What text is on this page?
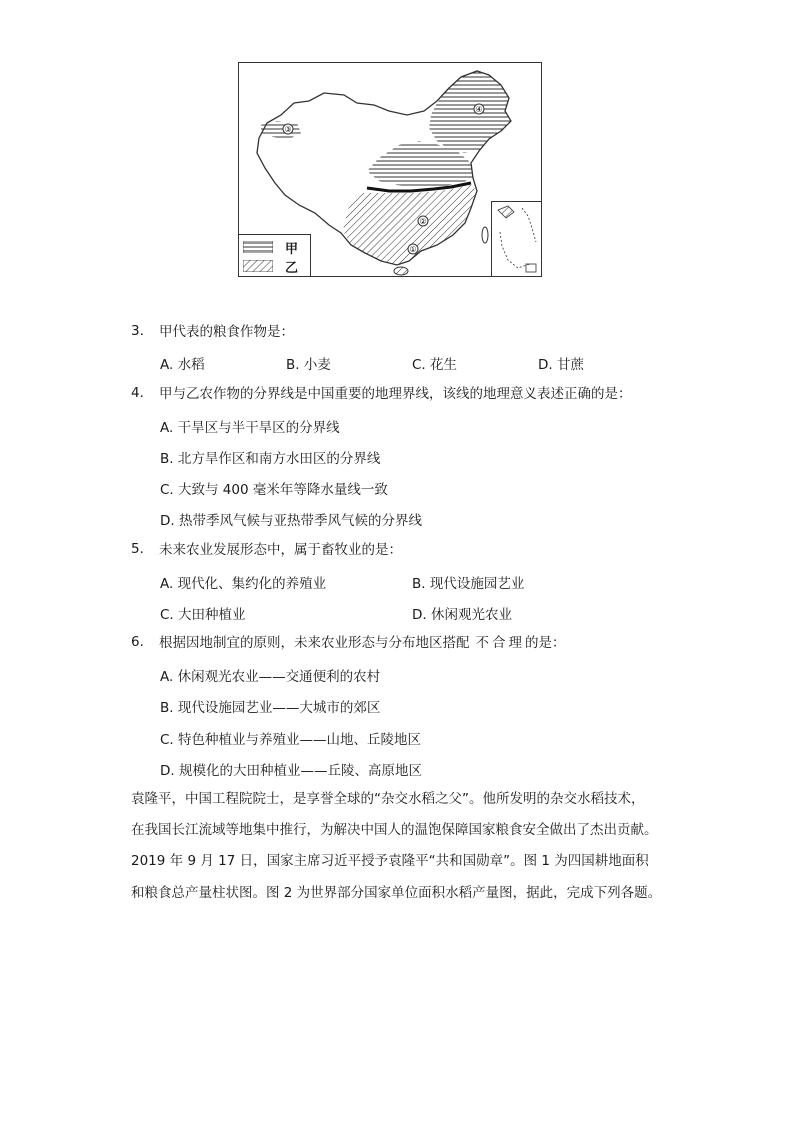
①
②
③
④
甲
乙
3. 甲代表的粮食作物是：
A. 水稻	B. 小麦	C. 花生	D. 甘蔗
4. 甲与乙农作物的分界线是中国重要的地理界线，该线的地理意义表述正确的是：
A. 干旱区与半干旱区的分界线
B. 北方旱作区和南方水田区的分界线
C. 大致与 400 毫米年等降水量线一致
D. 热带季风气候与亚热带季风气候的分界线
5. 未来农业发展形态中，属于畜牧业的是：
A. 现代化、集约化的养殖业	B. 现代设施园艺业
C. 大田种植业	D. 休闲观光农业
6. 根据因地制宜的原则，未来农业形态与分布地区搭配 不合理的是：
A. 休闲观光农业——交通便利的农村
B. 现代设施园艺业——大城市的郊区
C. 特色种植业与养殖业——山地、丘陵地区
D. 规模化的大田种植业——丘陵、高原地区
袁隆平，中国工程院院士，是享誉全球的“杂交水稻之父”。他所发明的杂交水稻技术，
在我国长江流域等地集中推行，为解决中国人的温饱保障国家粮食安全做出了杰出贡献。
2019 年 9 月 17 日，国家主席习近平授予袁隆平“共和国勋章”。图 1 为四国耕地面积
和粮食总产量柱状图。图 2 为世界部分国家单位面积水稻产量图，据此，完成下列各题。
